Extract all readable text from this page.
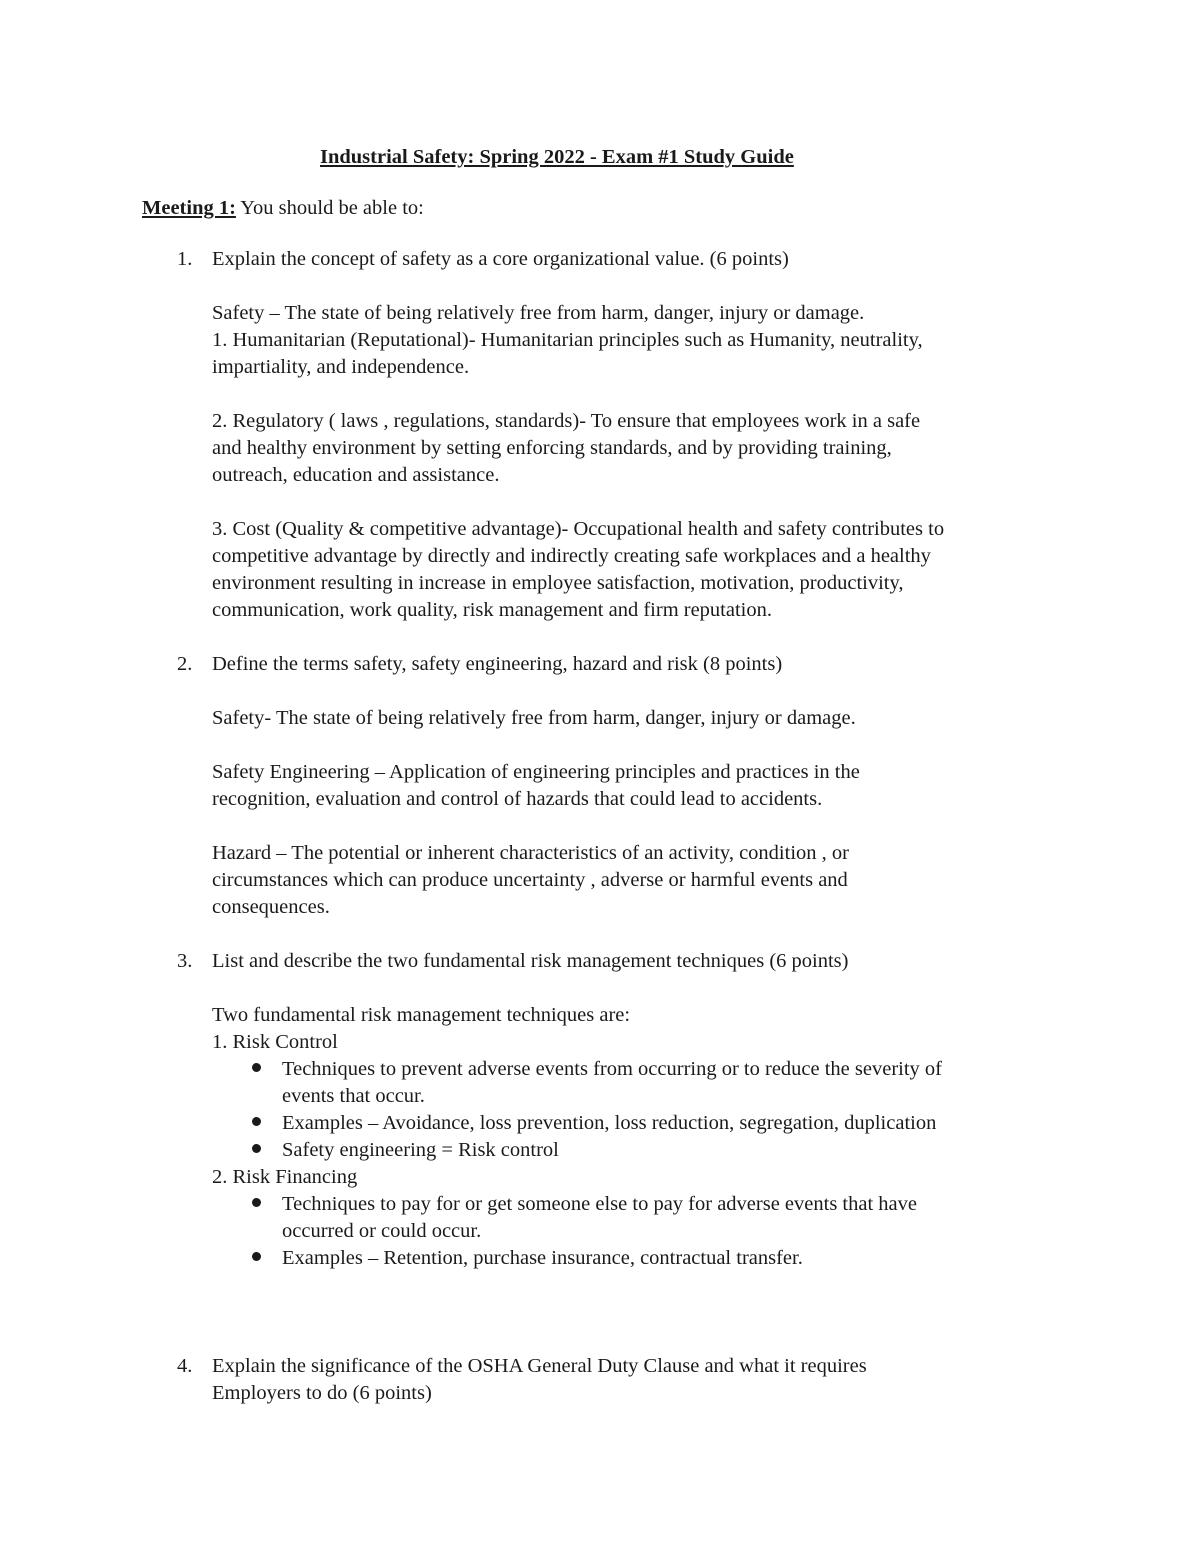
Industrial Safety: Spring 2022 - Exam #1 Study Guide
Meeting 1: You should be able to:
1. Explain the concept of safety as a core organizational value. (6 points)
Safety – The state of being relatively free from harm, danger, injury or damage.
1. Humanitarian (Reputational)- Humanitarian principles such as Humanity, neutrality,
impartiality, and independence.
2. Regulatory ( laws , regulations, standards)- To ensure that employees work in a safe
and healthy environment by setting enforcing standards, and by providing training,
outreach, education and assistance.
3. Cost (Quality & competitive advantage)- Occupational health and safety contributes to
competitive advantage by directly and indirectly creating safe workplaces and a healthy
environment resulting in increase in employee satisfaction, motivation, productivity,
communication, work quality, risk management and firm reputation.
2. Define the terms safety, safety engineering, hazard and risk (8 points)
Safety- The state of being relatively free from harm, danger, injury or damage.
Safety Engineering – Application of engineering principles and practices in the
recognition, evaluation and control of hazards that could lead to accidents.
Hazard – The potential or inherent characteristics of an activity, condition , or
circumstances which can produce uncertainty , adverse or harmful events and
consequences.
3. List and describe the two fundamental risk management techniques (6 points)
Two fundamental risk management techniques are:
1. Risk Control
Techniques to prevent adverse events from occurring or to reduce the severity of
events that occur.
Examples – Avoidance, loss prevention, loss reduction, segregation, duplication
Safety engineering = Risk control
2. Risk Financing
Techniques to pay for or get someone else to pay for adverse events that have
occurred or could occur.
Examples – Retention, purchase insurance, contractual transfer.
4. Explain the significance of the OSHA General Duty Clause and what it requires
Employers to do (6 points)
